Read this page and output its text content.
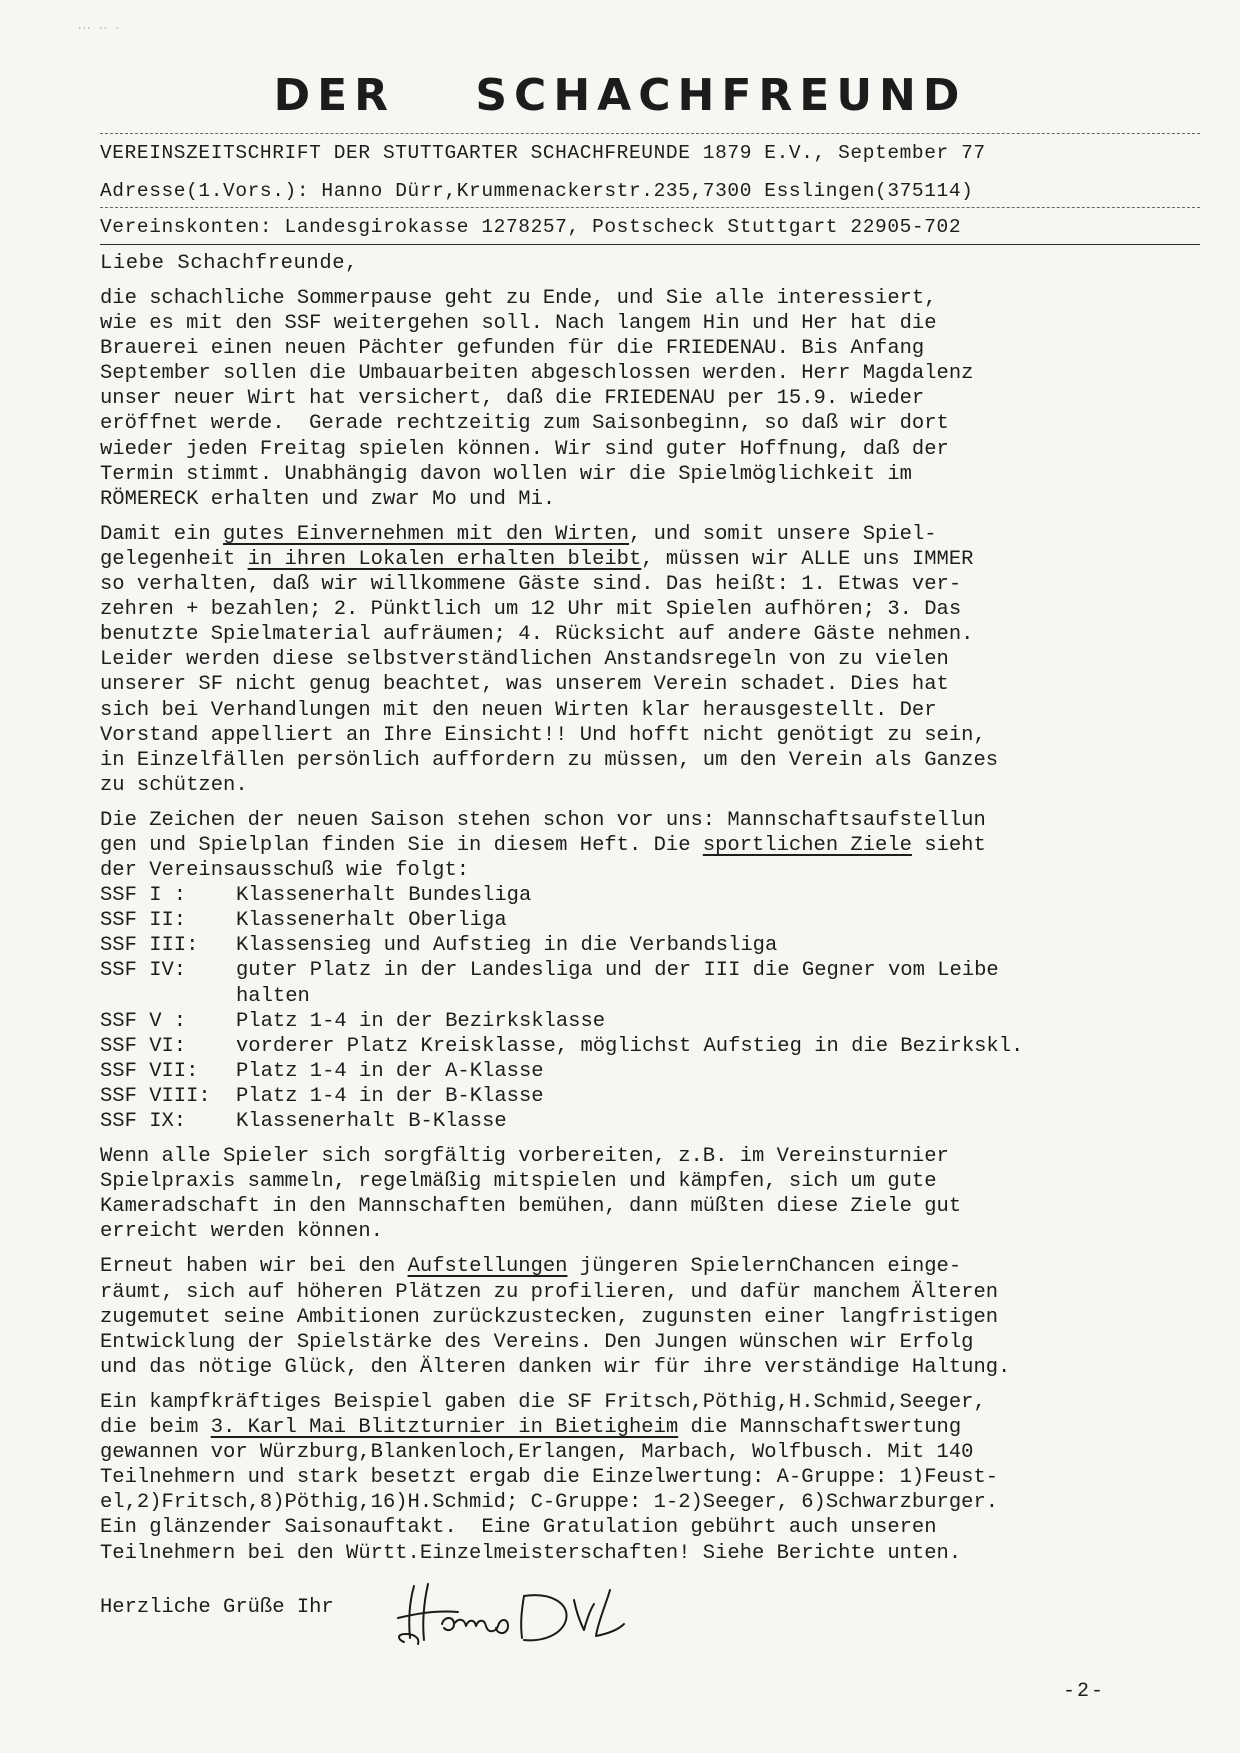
‧‧‧ ‧‧ ‧
DER SCHACHFREUND
VEREINSZEITSCHRIFT DER STUTTGARTER SCHACHFREUNDE 1879 E.V., September 77
Adresse(1.Vors.): Hanno Dürr,Krummenackerstr.235,7300 Esslingen(375114)
Vereinskonten: Landesgirokasse 1278257, Postscheck Stuttgart 22905-702
Liebe Schachfreunde,

die schachliche Sommerpause geht zu Ende, und Sie alle interessiert,

wie es mit den SSF weitergehen soll. Nach langem Hin und Her hat die

Brauerei einen neuen Pächter gefunden für die FRIEDENAU. Bis Anfang

September sollen die Umbauarbeiten abgeschlossen werden. Herr Magdalenz

unser neuer Wirt hat versichert, daß die FRIEDENAU per 15.9. wieder

eröffnet werde.  Gerade rechtzeitig zum Saisonbeginn, so daß wir dort

wieder jeden Freitag spielen können. Wir sind guter Hoffnung, daß der

Termin stimmt. Unabhängig davon wollen wir die Spielmöglichkeit im

RÖMERECK erhalten und zwar Mo und Mi.

Damit ein gutes Einvernehmen mit den Wirten, und somit unsere Spiel-

gelegenheit in ihren Lokalen erhalten bleibt, müssen wir ALLE uns IMMER

so verhalten, daß wir willkommene Gäste sind. Das heißt: 1. Etwas ver-

zehren + bezahlen; 2. Pünktlich um 12 Uhr mit Spielen aufhören; 3. Das

benutzte Spielmaterial aufräumen; 4. Rücksicht auf andere Gäste nehmen.

Leider werden diese selbstverständlichen Anstandsregeln von zu vielen

unserer SF nicht genug beachtet, was unserem Verein schadet. Dies hat

sich bei Verhandlungen mit den neuen Wirten klar herausgestellt. Der

Vorstand appelliert an Ihre Einsicht!! Und hofft nicht genötigt zu sein,

in Einzelfällen persönlich auffordern zu müssen, um den Verein als Ganzes

zu schützen.

Die Zeichen der neuen Saison stehen schon vor uns: Mannschaftsaufstellun

gen und Spielplan finden Sie in diesem Heft. Die sportlichen Ziele sieht

der Vereinsausschuß wie folgt:

SSF I :	Klassenerhalt Bundesliga
SSF II:	Klassenerhalt Oberliga
SSF III:	Klassensieg und Aufstieg in die Verbandsliga
SSF IV:	guter Platz in der Landesliga und der III die Gegner vom Leibe
halten
SSF V :	Platz 1-4 in der Bezirksklasse
SSF VI:	vorderer Platz Kreisklasse, möglichst Aufstieg in die Bezirkskl.
SSF VII:	Platz 1-4 in der A-Klasse
SSF VIII:	Platz 1-4 in der B-Klasse
SSF IX:	Klassenerhalt B-Klasse

Wenn alle Spieler sich sorgfältig vorbereiten, z.B. im Vereinsturnier

Spielpraxis sammeln, regelmäßig mitspielen und kämpfen, sich um gute

Kameradschaft in den Mannschaften bemühen, dann müßten diese Ziele gut

erreicht werden können.

Erneut haben wir bei den Aufstellungen jüngeren SpielernChancen einge-

räumt, sich auf höheren Plätzen zu profilieren, und dafür manchem Älteren

zugemutet seine Ambitionen zurückzustecken, zugunsten einer langfristigen

Entwicklung der Spielstärke des Vereins. Den Jungen wünschen wir Erfolg

und das nötige Glück, den Älteren danken wir für ihre verständige Haltung.

Ein kampfkräftiges Beispiel gaben die SF Fritsch,Pöthig,H.Schmid,Seeger,

die beim 3. Karl Mai Blitzturnier in Bietigheim die Mannschaftswertung

gewannen vor Würzburg,Blankenloch,Erlangen, Marbach, Wolfbusch. Mit 140

Teilnehmern und stark besetzt ergab die Einzelwertung: A-Gruppe: 1)Feust-

el,2)Fritsch,8)Pöthig,16)H.Schmid; C-Gruppe: 1-2)Seeger, 6)Schwarzburger.

Ein glänzender Saisonauftakt.  Eine Gratulation gebührt auch unseren

Teilnehmern bei den Württ.Einzelmeisterschaften! Siehe Berichte unten.

Herzliche Grüße Ihr
-2-
